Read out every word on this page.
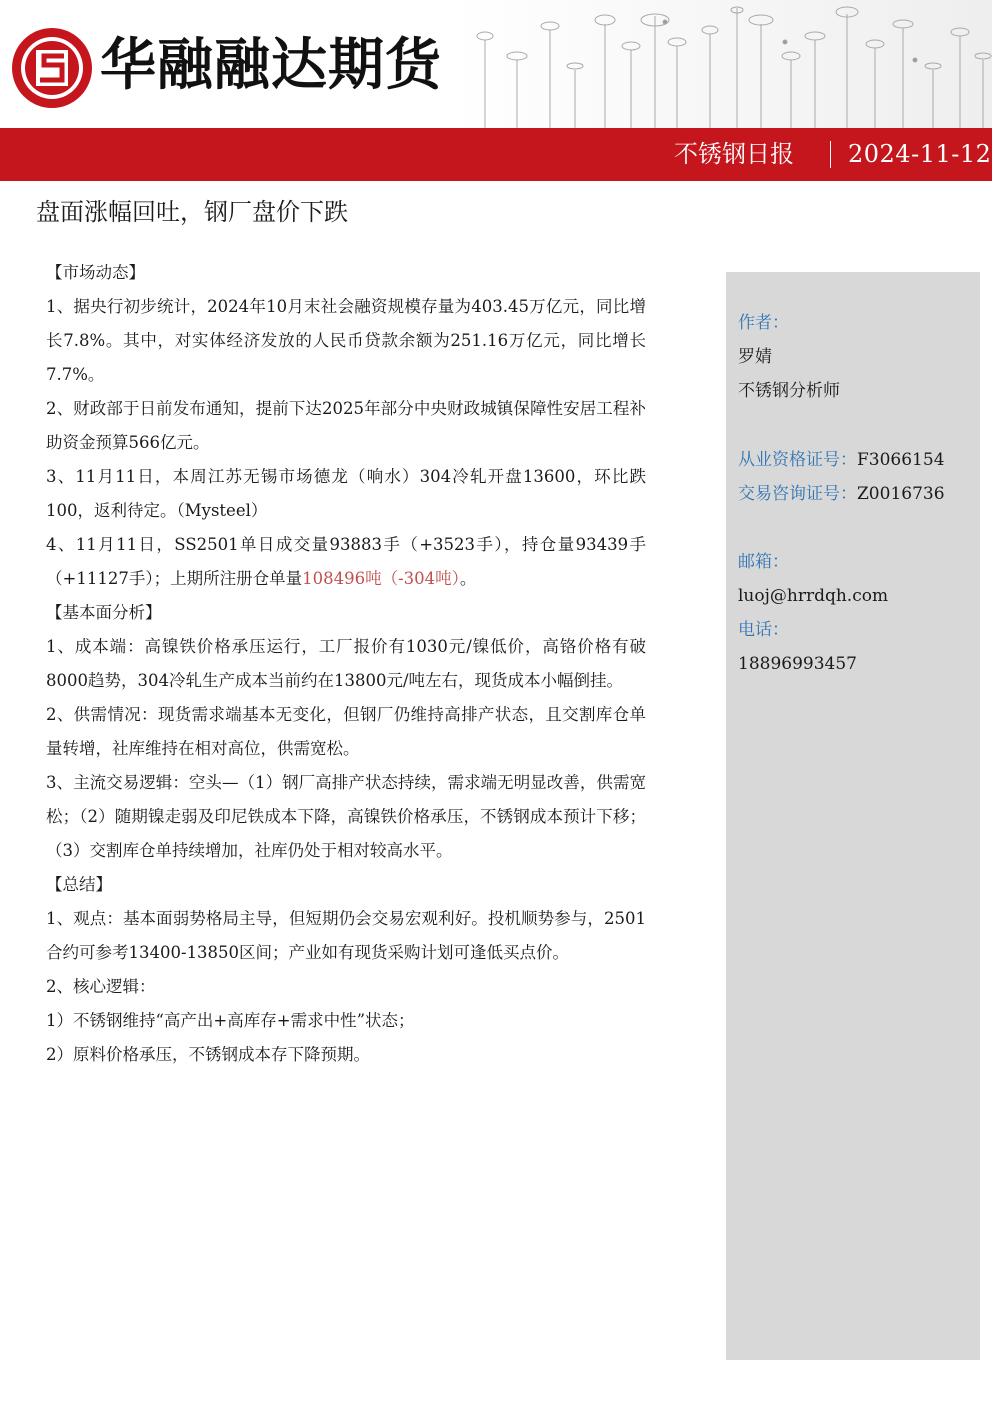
华融融达期货
不锈钢日报 2024-11-12
盘面涨幅回吐，钢厂盘价下跌
【市场动态】

1、据央行初步统计，2024年10月末社会融资规模存量为403.45万亿元，同比增长7.8%。其中，对实体经济发放的人民币贷款余额为251.16万亿元，同比增长7.7%。

2、财政部于日前发布通知，提前下达2025年部分中央财政城镇保障性安居工程补助资金预算566亿元。

3、11月11日，本周江苏无锡市场德龙（响水）304冷轧开盘13600，环比跌100，返利待定。（Mysteel）

4、11月11日，SS2501单日成交量93883手（+3523手），持仓量93439手（+11127手）；上期所注册仓单量108496吨（-304吨）。

【基本面分析】

1、成本端：高镍铁价格承压运行，工厂报价有1030元/镍低价，高铬价格有破8000趋势，304冷轧生产成本当前约在13800元/吨左右，现货成本小幅倒挂。

2、供需情况：现货需求端基本无变化，但钢厂仍维持高排产状态，且交割库仓单量转增，社库维持在相对高位，供需宽松。

3、主流交易逻辑：空头—（1）钢厂高排产状态持续，需求端无明显改善，供需宽松；（2）随期镍走弱及印尼铁成本下降，高镍铁价格承压，不锈钢成本预计下移；（3）交割库仓单持续增加，社库仍处于相对较高水平。

【总结】

1、观点：基本面弱势格局主导，但短期仍会交易宏观利好。投机顺势参与，2501合约可参考13400-13850区间；产业如有现货采购计划可逢低买点价。

2、核心逻辑：

1）不锈钢维持“高产出+高库存+需求中性”状态；

2）原料价格承压，不锈钢成本存下降预期。

作者：
罗婧
不锈钢分析师
从业资格证号：F3066154
交易咨询证号：Z0016736
邮箱：
luoj@hrrdqh.com
电话：
18896993457
